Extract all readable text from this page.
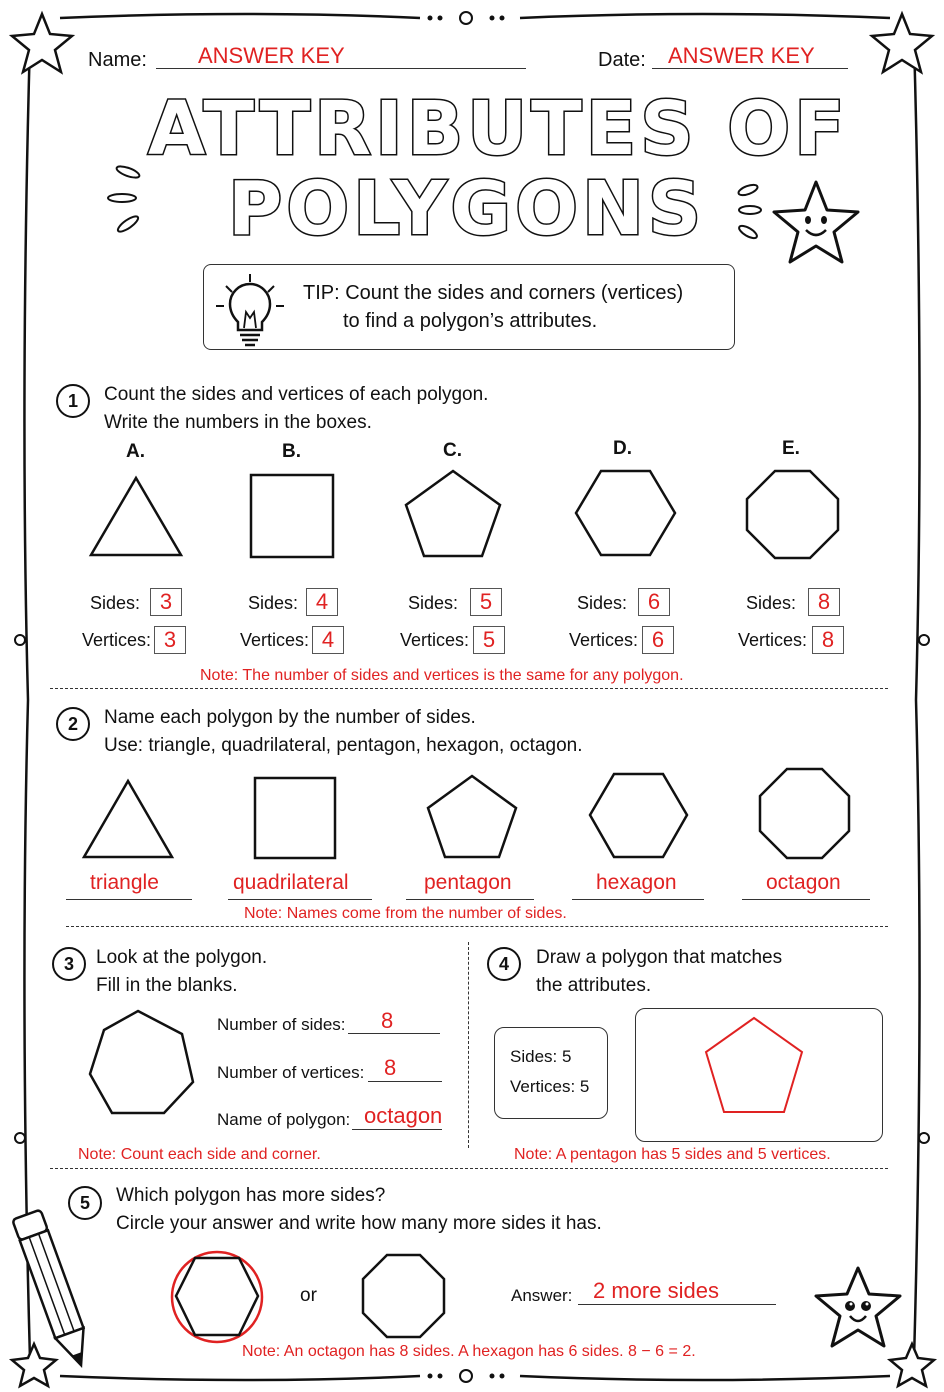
Name: ANSWER KEY	Date: ANSWER KEY
ATTRIBUTES OF
POLYGONS
TIP: Count the sides and corners (vertices)
to find a polygon’s attributes.
1	Count the sides and vertices of each polygon.
Write the numbers in the boxes.
A.	B.	C.	D.	E.
Sides: 3
Vertices: 3
Sides: 4
Vertices: 4
Sides: 5
Vertices: 5
Sides: 6
Vertices: 6
Sides: 8
Vertices: 8
Note: The number of sides and vertices is the same for any polygon.
2	Name each polygon by the number of sides.
Use: triangle, quadrilateral, pentagon, hexagon, octagon.
triangle	quadrilateral	pentagon	hexagon	octagon
Note: Names come from the number of sides.
3	Look at the polygon.
Fill in the blanks.
Number of sides: 8
Number of vertices: 8
Name of polygon: octagon
Note: Count each side and corner.
4	Draw a polygon that matches
the attributes.
Sides: 5
Vertices: 5
Note: A pentagon has 5 sides and 5 vertices.
5	Which polygon has more sides?
Circle your answer and write how many more sides it has.
or	Answer: 2 more sides
Note: An octagon has 8 sides. A hexagon has 6 sides. 8 − 6 = 2.
